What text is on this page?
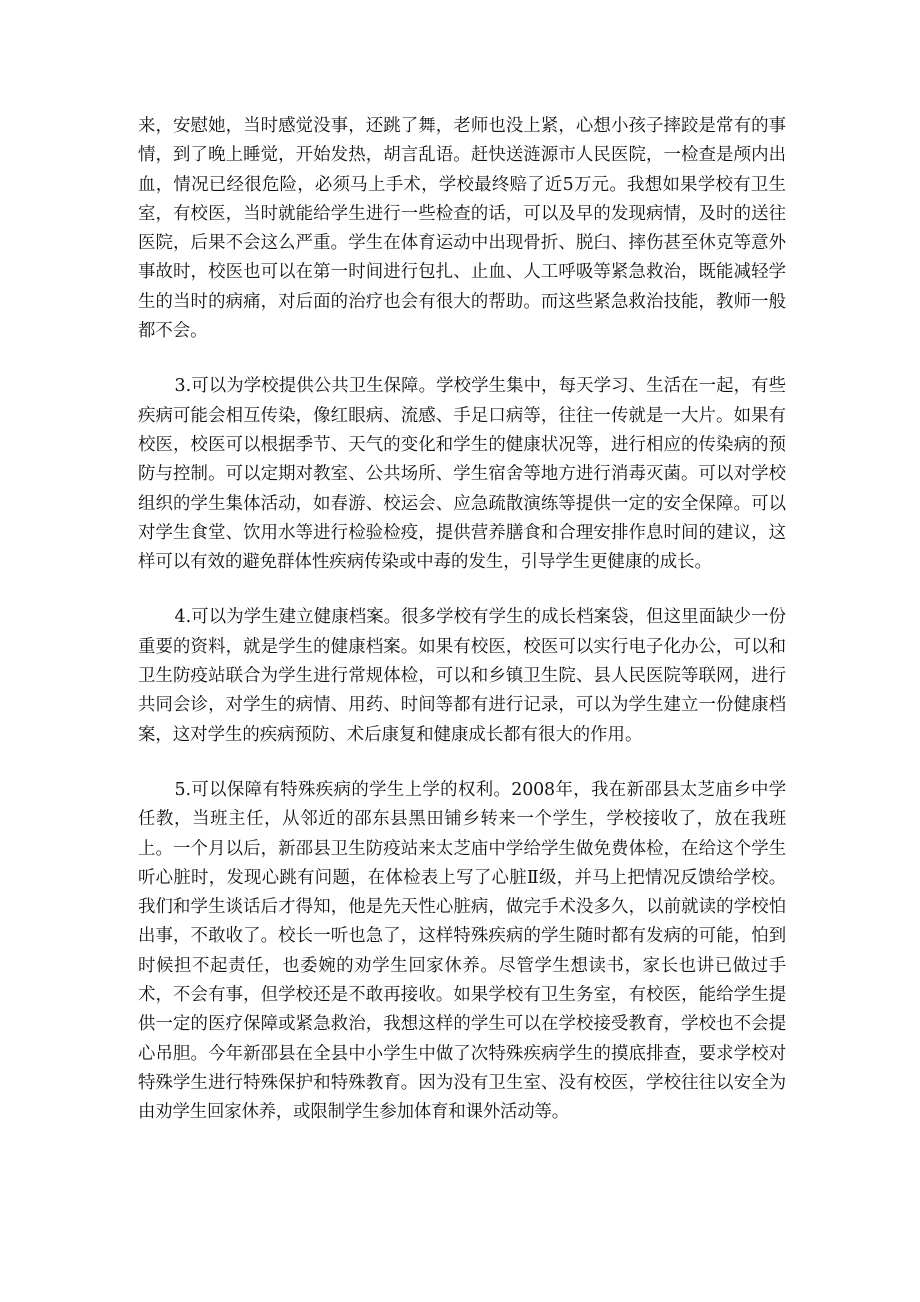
来，安慰她，当时感觉没事，还跳了舞，老师也没上紧，心想小孩子摔跤是常有的事情，到了晚上睡觉，开始发热，胡言乱语。赶快送涟源市人民医院，一检查是颅内出血，情况已经很危险，必须马上手术，学校最终赔了近5万元。我想如果学校有卫生室，有校医，当时就能给学生进行一些检查的话，可以及早的发现病情，及时的送往医院，后果不会这么严重。学生在体育运动中出现骨折、脱臼、摔伤甚至休克等意外事故时，校医也可以在第一时间进行包扎、止血、人工呼吸等紧急救治，既能减轻学生的当时的病痛，对后面的治疗也会有很大的帮助。而这些紧急救治技能，教师一般都不会。

3.可以为学校提供公共卫生保障。学校学生集中，每天学习、生活在一起，有些疾病可能会相互传染，像红眼病、流感、手足口病等，往往一传就是一大片。如果有校医，校医可以根据季节、天气的变化和学生的健康状况等，进行相应的传染病的预防与控制。可以定期对教室、公共场所、学生宿舍等地方进行消毒灭菌。可以对学校组织的学生集体活动，如春游、校运会、应急疏散演练等提供一定的安全保障。可以对学生食堂、饮用水等进行检验检疫，提供营养膳食和合理安排作息时间的建议，这样可以有效的避免群体性疾病传染或中毒的发生，引导学生更健康的成长。

4.可以为学生建立健康档案。很多学校有学生的成长档案袋，但这里面缺少一份重要的资料，就是学生的健康档案。如果有校医，校医可以实行电子化办公，可以和卫生防疫站联合为学生进行常规体检，可以和乡镇卫生院、县人民医院等联网，进行共同会诊，对学生的病情、用药、时间等都有进行记录，可以为学生建立一份健康档案，这对学生的疾病预防、术后康复和健康成长都有很大的作用。

5.可以保障有特殊疾病的学生上学的权利。2008年，我在新邵县太芝庙乡中学任教，当班主任，从邻近的邵东县黑田铺乡转来一个学生，学校接收了，放在我班上。一个月以后，新邵县卫生防疫站来太芝庙中学给学生做免费体检，在给这个学生听心脏时，发现心跳有问题，在体检表上写了心脏Ⅱ级，并马上把情况反馈给学校。我们和学生谈话后才得知，他是先天性心脏病，做完手术没多久，以前就读的学校怕出事，不敢收了。校长一听也急了，这样特殊疾病的学生随时都有发病的可能，怕到时候担不起责任，也委婉的劝学生回家休养。尽管学生想读书，家长也讲已做过手术，不会有事，但学校还是不敢再接收。如果学校有卫生务室，有校医，能给学生提供一定的医疗保障或紧急救治，我想这样的学生可以在学校接受教育，学校也不会提心吊胆。今年新邵县在全县中小学生中做了次特殊疾病学生的摸底排查，要求学校对特殊学生进行特殊保护和特殊教育。因为没有卫生室、没有校医，学校往往以安全为由劝学生回家休养，或限制学生参加体育和课外活动等。
